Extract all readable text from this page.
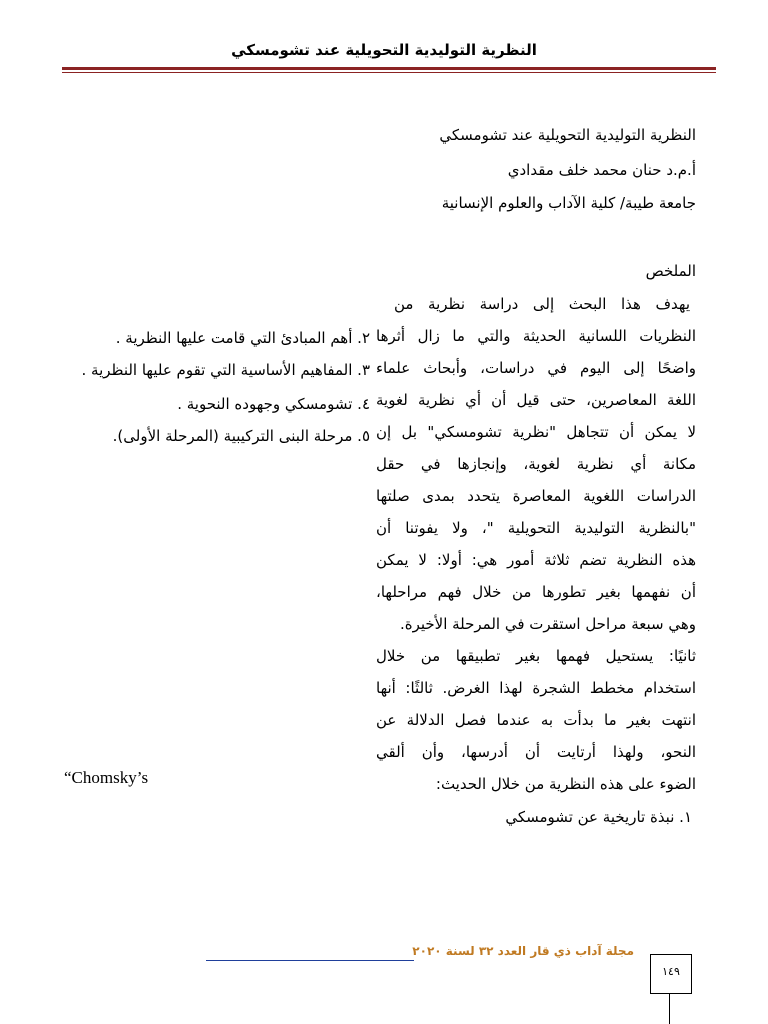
النظرية التوليدية التحويلية عند تشومسكي
النظرية التوليدية التحويلية عند تشومسكي
أ.م.د حنان محمد خلف مقدادي
جامعة طيبة/ كلية الآداب والعلوم الإنسانية
الملخص
يهدف هذا البحث إلى دراسة نظرية من
النظريات اللسانية الحديثة والتي ما زال أثرها
واضحًا إلى اليوم في دراسات، وأبحاث علماء
اللغة المعاصرين، حتى قيل أن أي نظرية لغوية
لا يمكن أن تتجاهل "نظرية تشومسكي" بل إن
مكانة أي نظرية لغوية، وإنجازها في حقل
الدراسات اللغوية المعاصرة يتحدد بمدى صلتها
"بالنظرية التوليدية التحويلية "، ولا يفوتنا أن
هذه النظرية تضم ثلاثة أمور هي: أولا: لا يمكن
أن نفهمها بغير تطورها من خلال فهم مراحلها،
وهي سبعة مراحل استقرت في المرحلة الأخيرة.
ثانيًا: يستحيل فهمها بغير تطبيقها من خلال
استخدام مخطط الشجرة لهذا الغرض. ثالثًا: أنها
انتهت بغير ما بدأت به عندما فصل الدلالة عن
النحو، ولهذا أرتايت أن أدرسها، وأن ألقي
الضوء على هذه النظرية من خلال الحديث:
١. نبذة تاريخية عن تشومسكي
٢. أهم المبادئ التي قامت عليها النظرية .
٣. المفاهيم الأساسية التي تقوم عليها النظرية .
٤. تشومسكي وجهوده النحوية .
٥. مرحلة البنى التركيبية (المرحلة الأولى).
“Chomsky’s
مجلة آداب ذي قار العدد ٣٢ لسنة ٢٠٢٠
١٤٩
